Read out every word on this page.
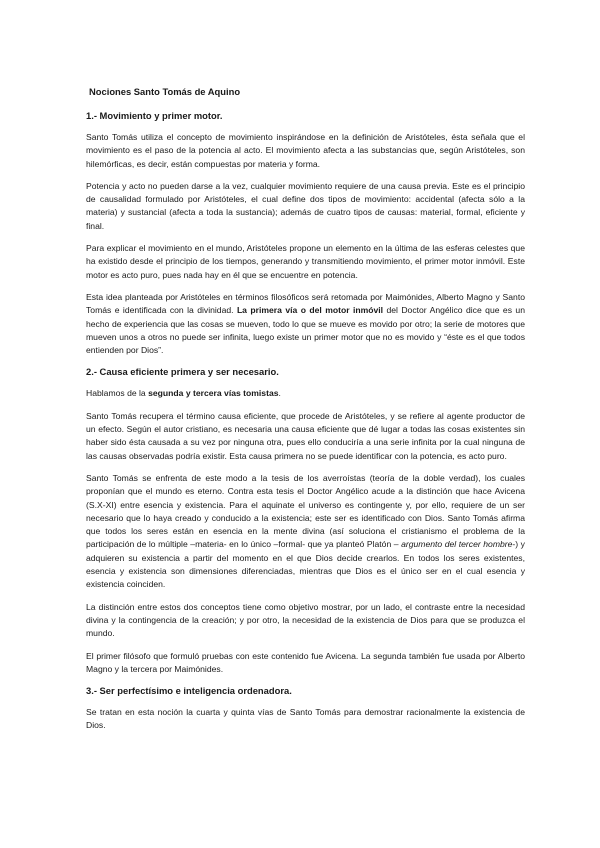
Nociones Santo Tomás de Aquino
1.- Movimiento y primer motor.

Santo Tomás utiliza el concepto de movimiento inspirándose en la definición de Aristóteles, ésta señala que el movimiento es el paso de la potencia al acto. El movimiento afecta a las substancias que, según Aristóteles, son hilemórficas, es decir, están compuestas por materia y forma.

Potencia y acto no pueden darse a la vez, cualquier movimiento requiere de una causa previa. Este es el principio de causalidad formulado por Aristóteles, el cual define dos tipos de movimiento: accidental (afecta sólo a la materia) y sustancial (afecta a toda la sustancia); además de cuatro tipos de causas: material, formal, eficiente y final.

Para explicar el movimiento en el mundo, Aristóteles propone un elemento en la última de las esferas celestes que ha existido desde el principio de los tiempos, generando y transmitiendo movimiento, el primer motor inmóvil. Este motor es acto puro, pues nada hay en él que se encuentre en potencia.

Esta idea planteada por Aristóteles en términos filosóficos será retomada por Maimónides, Alberto Magno y Santo Tomás e identificada con la divinidad. La primera vía o del motor inmóvil del Doctor Angélico dice que es un hecho de experiencia que las cosas se mueven, todo lo que se mueve es movido por otro; la serie de motores que mueven unos a otros no puede ser infinita, luego existe un primer motor que no es movido y “éste es el que todos entienden por Dios”.

2.- Causa eficiente primera y ser necesario.

Hablamos de la segunda y tercera vías tomistas.

Santo Tomás recupera el término causa eficiente, que procede de Aristóteles, y se refiere al agente productor de un efecto. Según el autor cristiano, es necesaria una causa eficiente que dé lugar a todas las cosas existentes sin haber sido ésta causada a su vez por ninguna otra, pues ello conduciría a una serie infinita por la cual ninguna de las causas observadas podría existir. Esta causa primera no se puede identificar con la potencia, es acto puro.

Santo Tomás se enfrenta de este modo a la tesis de los averroístas (teoría de la doble verdad), los cuales proponían que el mundo es eterno. Contra esta tesis el Doctor Angélico acude a la distinción que hace Avicena (S.X-XI) entre esencia y existencia. Para el aquinate el universo es contingente y, por ello, requiere de un ser necesario que lo haya creado y conducido a la existencia; este ser es identificado con Dios. Santo Tomás afirma que todos los seres están en esencia en la mente divina (así soluciona el cristianismo el problema de la participación de lo múltiple –materia- en lo único –formal- que ya planteó Platón – argumento del tercer hombre-) y adquieren su existencia a partir del momento en el que Dios decide crearlos. En todos los seres existentes, esencia y existencia son dimensiones diferenciadas, mientras que Dios es el único ser en el cual esencia y existencia coinciden.

La distinción entre estos dos conceptos tiene como objetivo mostrar, por un lado, el contraste entre la necesidad divina y la contingencia de la creación; y por otro, la necesidad de la existencia de Dios para que se produzca el mundo.

El primer filósofo que formuló pruebas con este contenido fue Avicena. La segunda también fue usada por Alberto Magno y la tercera por Maimónides.

3.- Ser perfectísimo e inteligencia ordenadora.

Se tratan en esta noción la cuarta y quinta vías de Santo Tomás para demostrar racionalmente la existencia de Dios.
